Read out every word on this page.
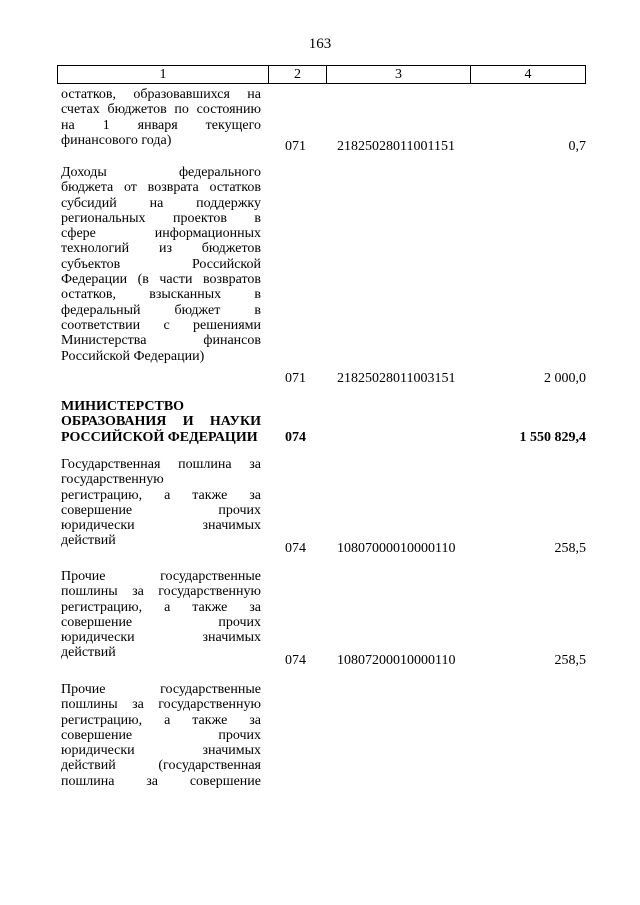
163
1	2	3	4
остатков, образовавшихся на
счетах бюджетов по состоянию
на 1 января текущего
финансового года)	071	21825028011001151	0,7
Доходы федерального
бюджета от возврата остатков
субсидий на поддержку
региональных проектов в
сфере информационных
технологий из бюджетов
субъектов Российской
Федерации (в части возвратов
остатков, взысканных в
федеральный бюджет в
соответствии с решениями
Министерства финансов
Российской Федерации)
071	21825028011003151	2 000,0
МИНИСТЕРСТВО
ОБРАЗОВАНИЯ И НАУКИ
РОССИЙСКОЙ ФЕДЕРАЦИИ 074	1 550 829,4
Государственная пошлина за
государственную
регистрацию, а также за
совершение прочих
юридически значимых
действий
074	10807000010000110	258,5
Прочие государственные
пошлины за государственную
регистрацию, а также за
совершение прочих
юридически значимых
действий
074	10807200010000110	258,5
Прочие государственные
пошлины за государственную
регистрацию, а также за
совершение прочих
юридически значимых
действий (государственная
пошлина за совершение
